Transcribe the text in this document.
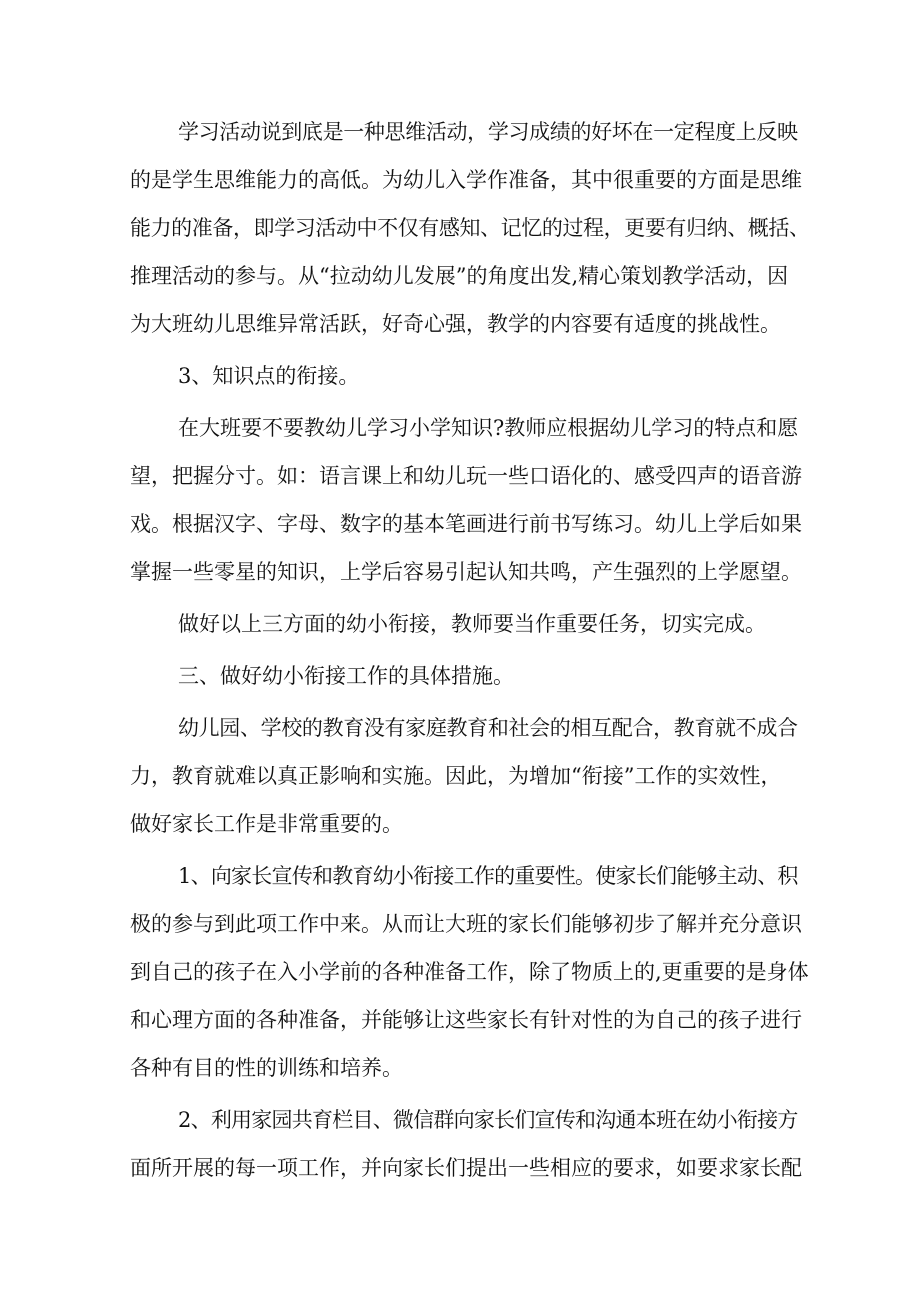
学习活动说到底是一种思维活动，学习成绩的好坏在一定程度上反映
的是学生思维能力的高低。为幼儿入学作准备，其中很重要的方面是思维
能力的准备，即学习活动中不仅有感知、记忆的过程，更要有归纳、概括、
推理活动的参与。从“拉动幼儿发展”的角度出发,精心策划教学活动，因
为大班幼儿思维异常活跃，好奇心强，教学的内容要有适度的挑战性。
3、知识点的衔接。
在大班要不要教幼儿学习小学知识?教师应根据幼儿学习的特点和愿
望，把握分寸。如：语言课上和幼儿玩一些口语化的、感受四声的语音游
戏。根据汉字、字母、数字的基本笔画进行前书写练习。幼儿上学后如果
掌握一些零星的知识，上学后容易引起认知共鸣，产生强烈的上学愿望。
做好以上三方面的幼小衔接，教师要当作重要任务，切实完成。
三、做好幼小衔接工作的具体措施。
幼儿园、学校的教育没有家庭教育和社会的相互配合，教育就不成合
力，教育就难以真正影响和实施。因此，为增加“衔接”工作的实效性，
做好家长工作是非常重要的。
1、向家长宣传和教育幼小衔接工作的重要性。使家长们能够主动、积
极的参与到此项工作中来。从而让大班的家长们能够初步了解并充分意识
到自己的孩子在入小学前的各种准备工作，除了物质上的,更重要的是身体
和心理方面的各种准备，并能够让这些家长有针对性的为自己的孩子进行
各种有目的性的训练和培养。
2、利用家园共育栏目、微信群向家长们宣传和沟通本班在幼小衔接方
面所开展的每一项工作，并向家长们提出一些相应的要求，如要求家长配
